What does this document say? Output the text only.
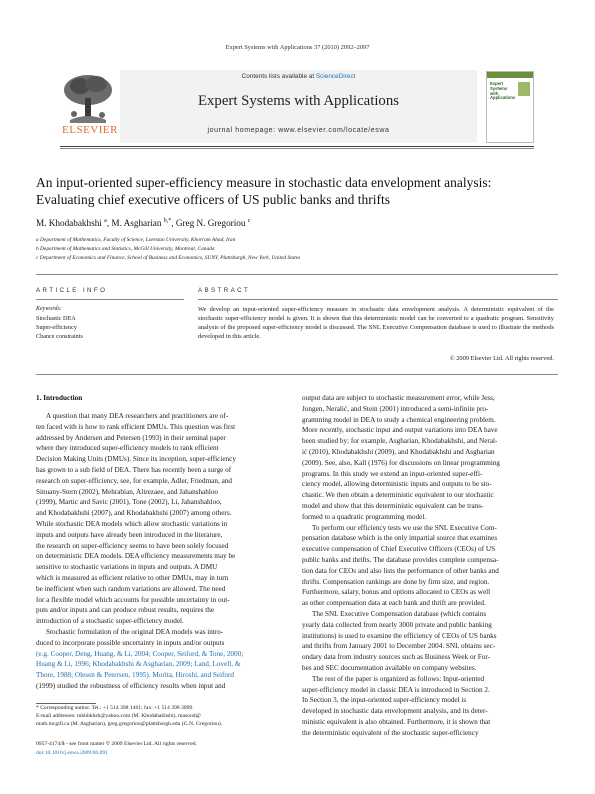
Expert Systems with Applications 37 (2010) 2092–2097
Contents lists available at ScienceDirect
Expert Systems with Applications
journal homepage: www.elsevier.com/locate/eswa
ELSEVIER
Expert Systems with Applications
An input-oriented super-efficiency measure in stochastic data envelopment analysis:
Evaluating chief executive officers of US public banks and thrifts
M. Khodabakhshi $^a$, M. Asgharian $^{b,*}$, Greg N. Gregoriou $^c$
a Department of Mathematics, Faculty of Science, Lorestan University, Khorram Abad, Iran
b Department of Mathematics and Statistics, McGill University, Montreal, Canada
c Department of Economics and Finance, School of Business and Economics, SUNY, Plattsburgh, New York, United States
ARTICLE INFO
Keywords:
Stochastic DEA
Super-efficiency
Chance constraints
ABSTRACT
We develop an input-oriented super-efficiency measure in stochastic data envelopment analysis. A deterministic equivalent of the stochastic super-efficiency model is given. It is shown that this deterministic model can be converted to a quadratic program. Sensitivity analysis of the proposed super-efficiency model is discussed. The SNL Executive Compensation database is used to illustrate the methods developed in this article.
© 2009 Elsevier Ltd. All rights reserved.
1. Introduction
A question that many DEA researchers and practitioners are of-
ten faced with is how to rank efficient DMUs. This question was first
addressed by Andersen and Petersen (1993) in their seminal paper
where they introduced super-efficiency models to rank efficient
Decision Making Units (DMUs). Since its inception, super-efficiency
has grown to a sub field of DEA. There has recently been a surge of
research on super-efficiency, see, for example, Adler, Friedman, and
Sinuany-Stern (2002), Mehrabian, Alirezaee, and Jahanshahloo
(1999), Martic and Savic (2001), Tone (2002), Li, Jahanshahloo,
and Khodabakhshi (2007), and Khodabakhshi (2007) among others.
While stochastic DEA models which allow stochastic variations in
inputs and outputs have already been introduced in the literature,
the research on super-efficiency seems to have been solely focused
on deterministic DEA models. DEA efficiency measurements may be
sensitive to stochastic variations in inputs and outputs. A DMU
which is measured as efficient relative to other DMUs, may in turn
be inefficient when such random variations are allowed. The need
for a flexible model which accounts for possible uncertainty in out-
puts and/or inputs and can produce robust results, requires the
introduction of a stochastic super-efficiency model.
Stochastic formulation of the original DEA models was intro-
duced to incorporate possible uncertainty in inputs and/or outputs
(e.g. Cooper, Deng, Huang, & Li, 2004; Cooper, Seiford, & Tone, 2000;
Huang & Li, 1996; Khodabakhshi & Asgharian, 2009; Land, Lovell, &
Thore, 1988; Olesen & Petersen, 1995). Morita, Hiroshi, and Seiford
(1999) studied the robustness of efficiency results when input and
output data are subject to stochastic measurement error, while Jess,
Jongen, Neralić, and Stein (2001) introduced a semi-infinite pro-
gramming model in DEA to study a chemical engineering problem.
More recently, stochastic input and output variations into DEA have
been studied by; for example, Asgharian, Khodabakhshi, and Neral-
ić (2010), Khodabakhshi (2009), and Khodabakhshi and Asgharian
(2009). See, also, Kall (1976) for discussions on linear programming
programs. In this study we extend an input-oriented super-effi-
ciency model, allowing deterministic inputs and outputs to be sto-
chastic. We then obtain a deterministic equivalent to our stochastic
model and show that this deterministic equivalent can be trans-
formed to a quadratic programming model.
To perform our efficiency tests we use the SNL Executive Com-
pensation database which is the only impartial source that examines
executive compensation of Chief Executive Officers (CEOs) of US
public banks and thrifts. The database provides complete compensa-
tion data for CEOs and also lists the performance of other banks and
thrifts. Compensation rankings are done by firm size, and region.
Furthermore, salary, bonus and options allocated to CEOs as well
as other compensation data at each bank and thrift are provided.
The SNL Executive Compensation database (which contains
yearly data collected from nearly 3000 private and public banking
institutions) is used to examine the efficiency of CEOs of US banks
and thrifts from January 2001 to December 2004. SNL obtains sec-
ondary data from industry sources such as Business Week or For-
bes and SEC documentation available on company websites.
The rest of the paper is organized as follows: Input-oriented
super-efficiency model in classic DEA is introduced in Section 2.
In Section 3, the input-oriented super-efficiency model is
developed in stochastic data envelopment analysis, and its deter-
ministic equivalent is also obtained. Furthermore, it is shown that
the deterministic equivalent of the stochastic super-efficiency
* Corresponding author. Tel.: +1 514 398 1461; fax: +1 514 398 3899.
E-mail addresses: mkhbkhsh@yahoo.com (M. Khodabakhshi), masoud@
math.mcgill.ca (M. Asgharian), greg.gregoriou@plattsburgh.edu (G.N. Gregoriou).
0957-4174/$ - see front matter © 2009 Elsevier Ltd. All rights reserved.
doi:10.1016/j.eswa.2009.06.091
